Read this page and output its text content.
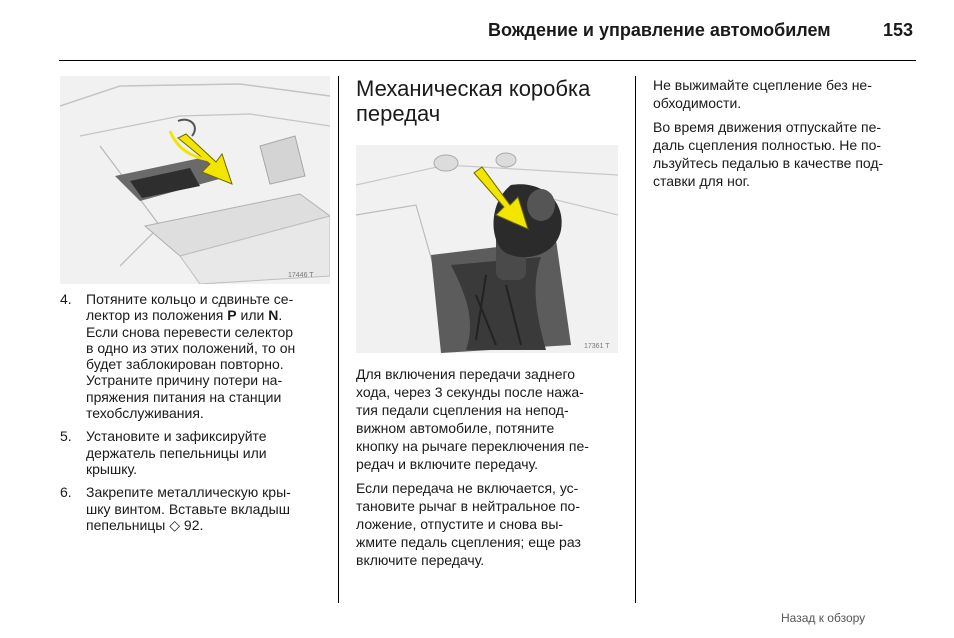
Вождение и управление автомобилем	153
17446 T
17361 T
4. Потяните кольцо и сдвиньте се-
лектор из положения P или N.
Если снова перевести селектор
в одно из этих положений, то он
будет заблокирован повторно.
Устраните причину потери на-
пряжения питания на станции
техобслуживания.
5. Установите и зафиксируйте
держатель пепельницы или
крышку.
6. Закрепите металлическую кры-
шку винтом. Вставьте вкладыш
пепельницы ◇ 92.
Механическая коробка
передач

Для включения передачи заднего
хода, через 3 секунды после нажа-
тия педали сцепления на непод-
вижном автомобиле, потяните
кнопку на рычаге переключения пе-
редач и включите передачу.

Если передача не включается, ус-
тановите рычаг в нейтральное по-
ложение, отпустите и снова вы-
жмите педаль сцепления; еще раз
включите передачу.

Не выжимайте сцепление без не-
обходимости.

Во время движения отпускайте пе-
даль сцепления полностью. Не по-
льзуйтесь педалью в качестве под-
ставки для ног.

Назад к обзору
